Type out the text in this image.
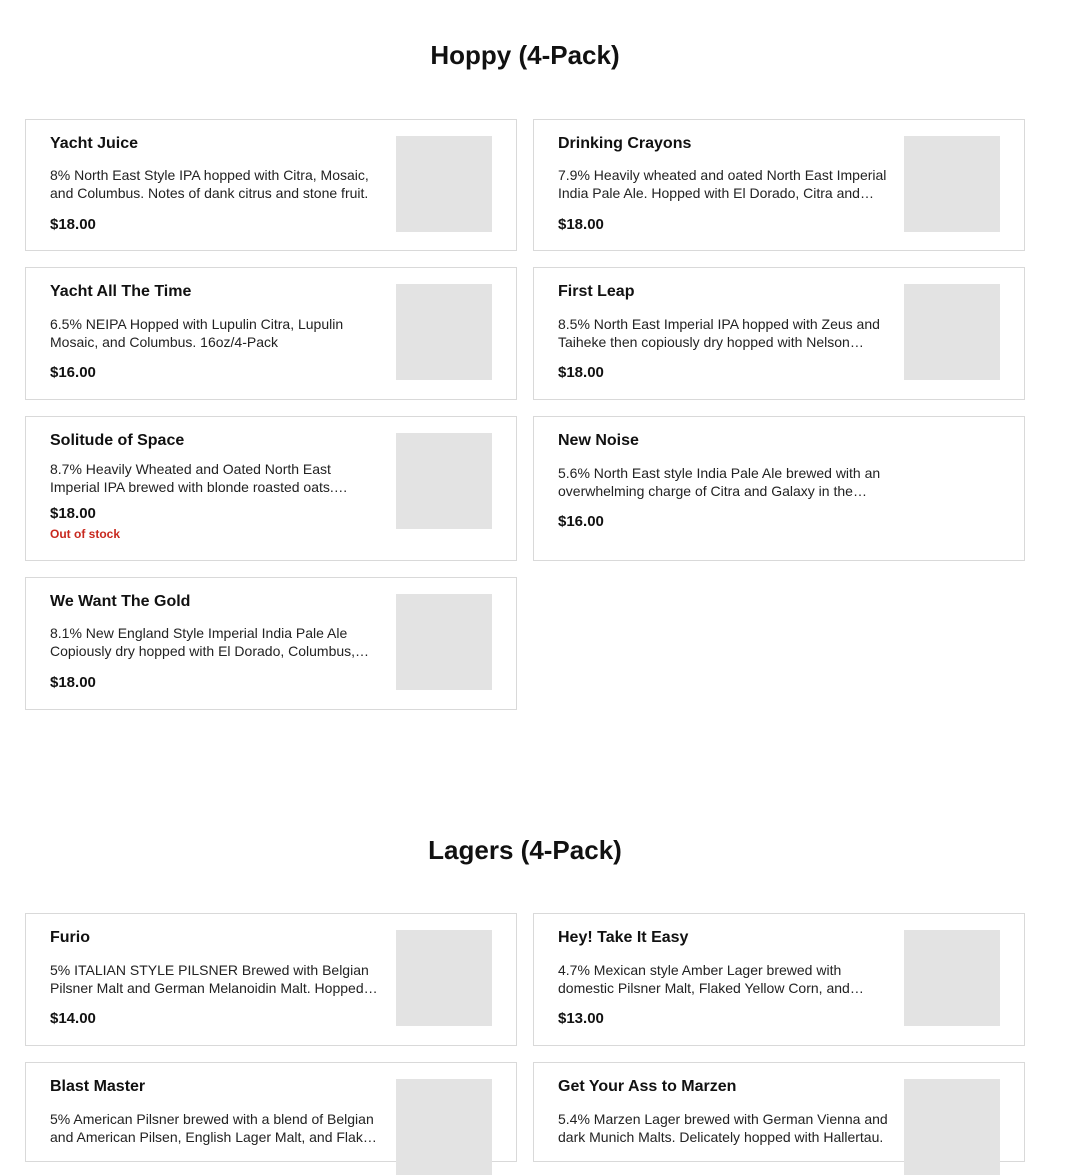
Hoppy (4-Pack)
Yacht Juice
8% North East Style IPA hopped with Citra, Mosaic, and Columbus. Notes of dank citrus and stone fruit.
$18.00
Drinking Crayons
7.9% Heavily wheated and oated North East Imperial India Pale Ale. Hopped with El Dorado, Citra and
$18.00
Yacht All The Time
6.5% NEIPA Hopped with Lupulin Citra, Lupulin Mosaic, and Columbus. 16oz/4-Pack
$16.00
First Leap
8.5% North East Imperial IPA hopped with Zeus and Taiheke then copiously dry hopped with Nelson
$18.00
Solitude of Space
8.7% Heavily Wheated and Oated North East Imperial IPA brewed with blonde roasted oats.
$18.00
Out of stock
New Noise
5.6% North East style India Pale Ale brewed with an overwhelming charge of Citra and Galaxy in the
$16.00
We Want The Gold
8.1% New England Style Imperial India Pale Ale Copiously dry hopped with El Dorado, Columbus,
$18.00
Lagers (4-Pack)
Furio
5% ITALIAN STYLE PILSNER Brewed with Belgian Pilsner Malt and German Melanoidin Malt. Hopped
$14.00
Hey! Take It Easy
4.7% Mexican style Amber Lager brewed with domestic Pilsner Malt, Flaked Yellow Corn, and
$13.00
Blast Master
5% American Pilsner brewed with a blend of Belgian and American Pilsen, English Lager Malt, and Flaked
Get Your Ass to Marzen
5.4% Marzen Lager brewed with German Vienna and dark Munich Malts. Delicately hopped with Hallertau.
